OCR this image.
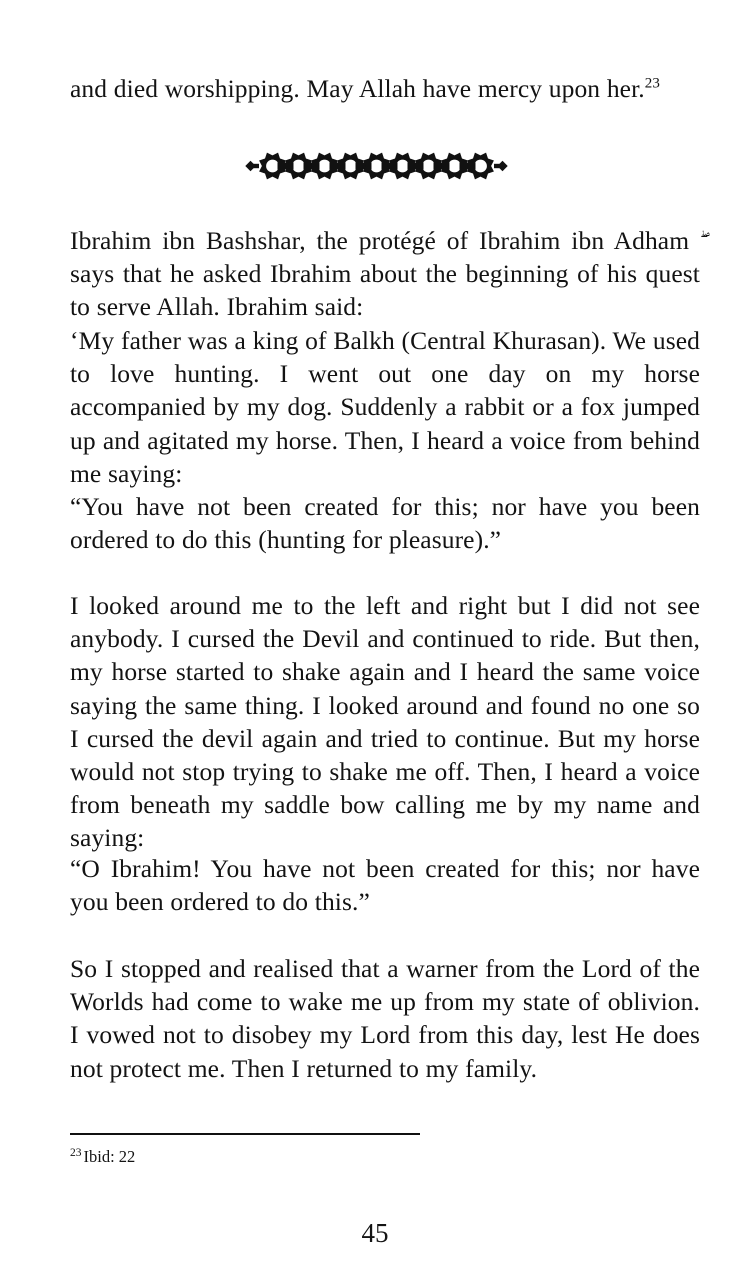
and died worshipping. May Allah have mercy upon her.$^{23}$

Ibrahim ibn Bashshar, the protégé of Ibrahim ibn Adham  says that he asked Ibrahim about the beginning of his quest to serve Allah. Ibrahim said:

‘My father was a king of Balkh (Central Khurasan). We used to love hunting. I went out one day on my horse accompanied by my dog. Suddenly a rabbit or a fox jumped up and agitated my horse. Then, I heard a voice from behind me saying:

“You have not been created for this; nor have you been ordered to do this (hunting for pleasure).”

I looked around me to the left and right but I did not see anybody. I cursed the Devil and continued to ride. But then, my horse started to shake again and I heard the same voice saying the same thing. I looked around and found no one so I cursed the devil again and tried to continue. But my horse would not stop trying to shake me off. Then, I heard a voice from beneath my saddle bow calling me by my name and saying:

“O Ibrahim! You have not been created for this; nor have you been ordered to do this.”

So I stopped and realised that a warner from the Lord of the Worlds had come to wake me up from my state of oblivion. I vowed not to disobey my Lord from this day, lest He does not protect me. Then I returned to my family.

$^{23}$ Ibid: 22
45
